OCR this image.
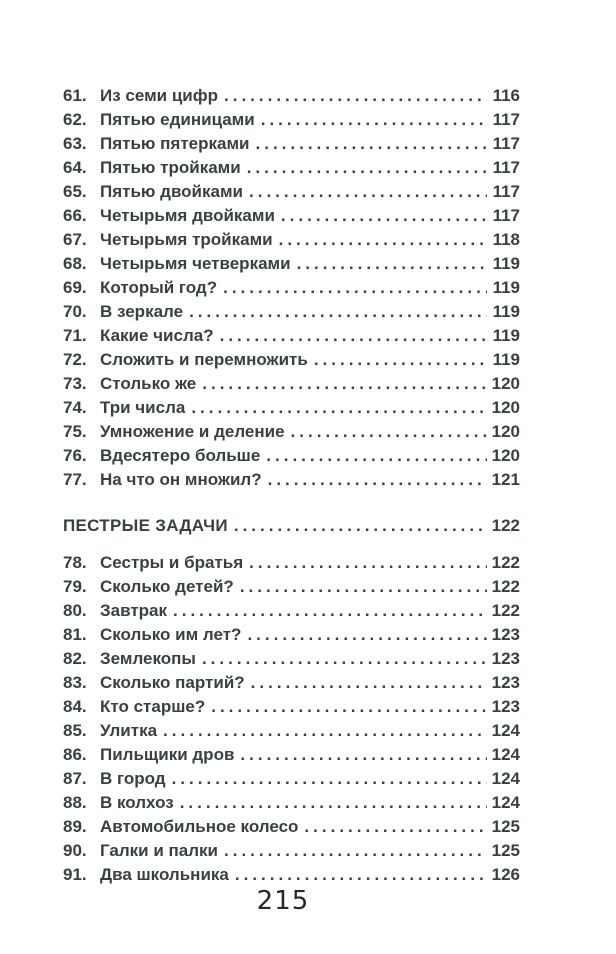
61. Из семи цифр .....	116
62. Пятью единицами .....	117
63. Пятью пятерками .....	117
64. Пятью тройками .....	117
65. Пятью двойками .....	117
66. Четырьмя двойками .....	117
67. Четырьмя тройками .....	118
68. Четырьмя четверками .....	119
69. Который год? .....	119
70. В зеркале .....	119
71. Какие числа? .....	119
72. Сложить и перемножить .....	119
73. Столько же .....	120
74. Три числа .....	120
75. Умножение и деление .....	120
76. Вдесятеро больше .....	120
77. На что он множил? .....	121
ПЕСТРЫЕ ЗАДАЧИ .....	122
78. Сестры и братья .....	122
79. Сколько детей? .....	122
80. Завтрак .....	122
81. Сколько им лет? .....	123
82. Землекопы .....	123
83. Сколько партий? .....	123
84. Кто старше? .....	123
85. Улитка .....	124
86. Пильщики дров .....	124
87. В город .....	124
88. В колхоз .....	124
89. Автомобильное колесо .....	125
90. Галки и палки .....	125
91. Два школьника .....	126
215
